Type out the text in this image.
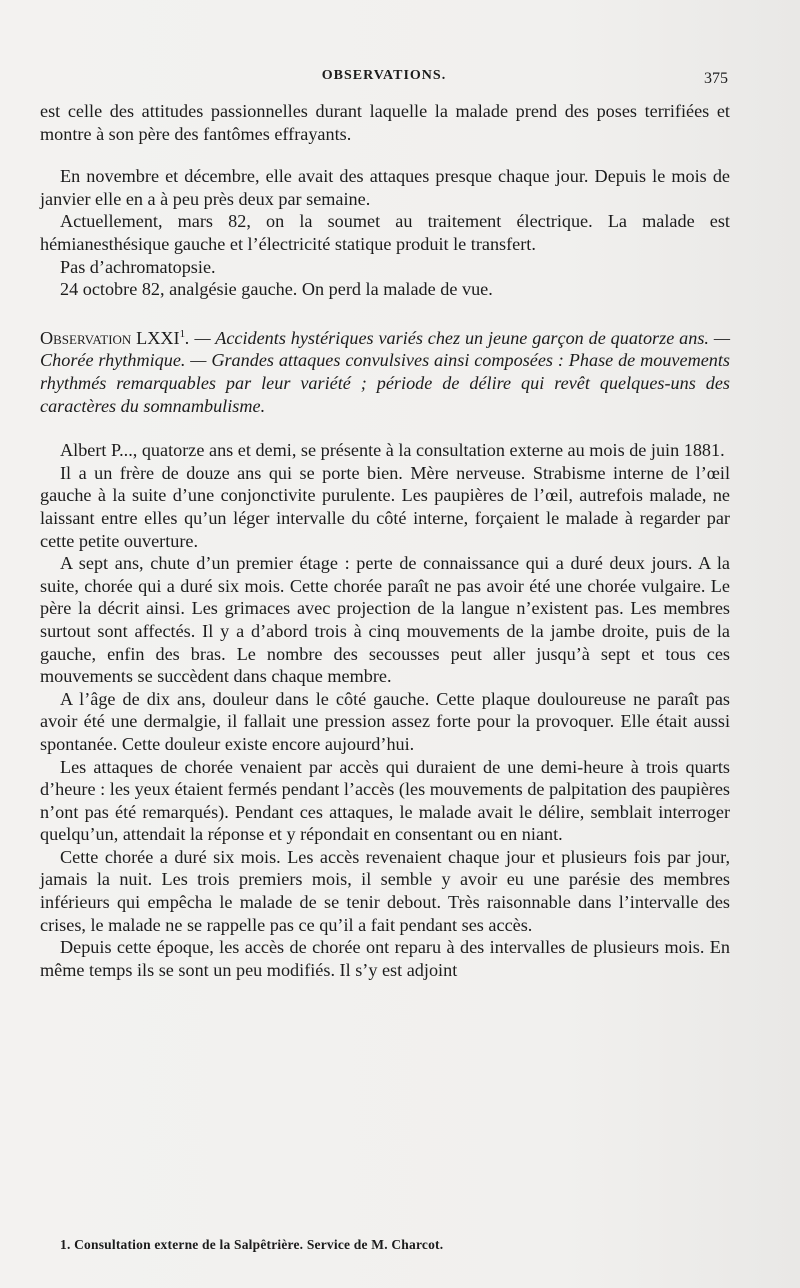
OBSERVATIONS.	375

est celle des attitudes passionnelles durant laquelle la malade prend des poses terrifiées et montre à son père des fantômes effrayants.

En novembre et décembre, elle avait des attaques presque chaque jour. Depuis le mois de janvier elle en a à peu près deux par semaine.

Actuellement, mars 82, on la soumet au traitement électrique. La malade est hémianesthésique gauche et l’électricité statique produit le transfert.

Pas d’achromatopsie.

24 octobre 82, analgésie gauche. On perd la malade de vue.

Observation LXXI$^1$. — Accidents hystériques variés chez un jeune garçon de quatorze ans. — Chorée rhythmique. — Grandes attaques convulsives ainsi composées : Phase de mouvements rhythmés remarquables par leur variété ; période de délire qui revêt quelques-uns des caractères du somnambulisme.

Albert P..., quatorze ans et demi, se présente à la consultation externe au mois de juin 1881.

Il a un frère de douze ans qui se porte bien. Mère nerveuse. Strabisme interne de l’œil gauche à la suite d’une conjonctivite purulente. Les paupières de l’œil, autrefois malade, ne laissant entre elles qu’un léger intervalle du côté interne, forçaient le malade à regarder par cette petite ouverture.

A sept ans, chute d’un premier étage : perte de connaissance qui a duré deux jours. A la suite, chorée qui a duré six mois. Cette chorée paraît ne pas avoir été une chorée vulgaire. Le père la décrit ainsi. Les grimaces avec projection de la langue n’existent pas. Les membres surtout sont affectés. Il y a d’abord trois à cinq mouvements de la jambe droite, puis de la gauche, enfin des bras. Le nombre des secousses peut aller jusqu’à sept et tous ces mouvements se succèdent dans chaque membre.

A l’âge de dix ans, douleur dans le côté gauche. Cette plaque douloureuse ne paraît pas avoir été une dermalgie, il fallait une pression assez forte pour la provoquer. Elle était aussi spontanée. Cette douleur existe encore aujourd’hui.

Les attaques de chorée venaient par accès qui duraient de une demi-heure à trois quarts d’heure : les yeux étaient fermés pendant l’accès (les mouvements de palpitation des paupières n’ont pas été remarqués). Pendant ces attaques, le malade avait le délire, semblait interroger quelqu’un, attendait la réponse et y répondait en consentant ou en niant.

Cette chorée a duré six mois. Les accès revenaient chaque jour et plusieurs fois par jour, jamais la nuit. Les trois premiers mois, il semble y avoir eu une parésie des membres inférieurs qui empêcha le malade de se tenir debout. Très raisonnable dans l’intervalle des crises, le malade ne se rappelle pas ce qu’il a fait pendant ses accès.

Depuis cette époque, les accès de chorée ont reparu à des intervalles de plusieurs mois. En même temps ils se sont un peu modifiés. Il s’y est adjoint

1. Consultation externe de la Salpêtrière. Service de M. Charcot.
